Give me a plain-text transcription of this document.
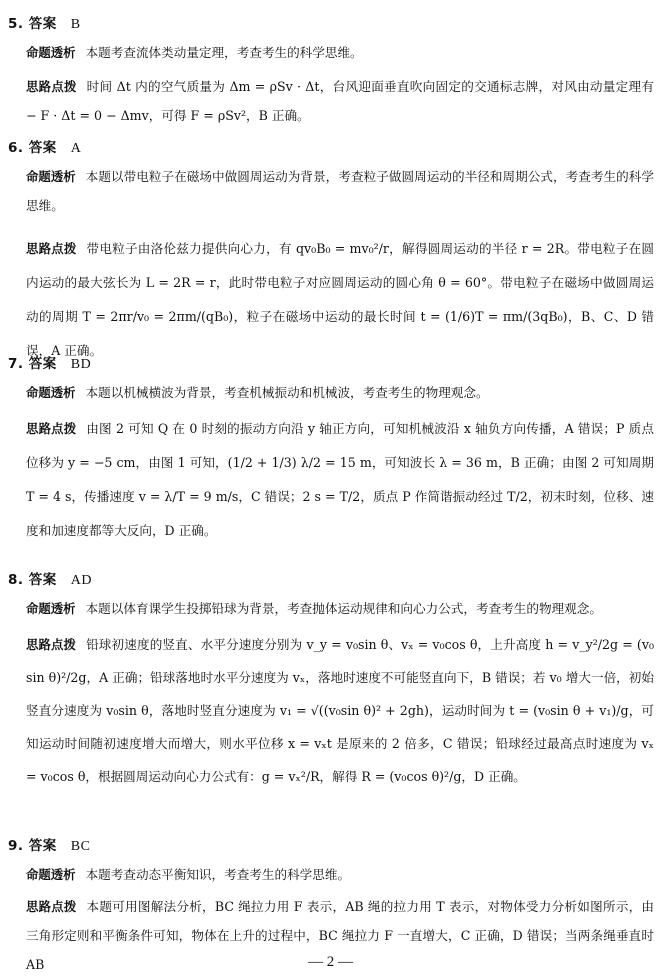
5. 答案 B
命题透析 本题考查流体类动量定理，考查考生的科学思维。
思路点拨 时间 Δt 内的空气质量为 Δm = ρSv · Δt，台风迎面垂直吹向固定的交通标志牌，对风由动量定理有 − F · Δt = 0 − Δmv，可得 F = ρSv²，B 正确。
6. 答案 A
命题透析 本题以带电粒子在磁场中做圆周运动为背景，考查粒子做圆周运动的半径和周期公式，考查考生的科学思维。
思路点拨 带电粒子由洛伦兹力提供向心力，有 qv₀B₀ = mv₀²/r，解得圆周运动的半径 r = 2R。带电粒子在圆内运动的最大弦长为 L = 2R = r，此时带电粒子对应圆周运动的圆心角 θ = 60°。带电粒子在磁场中做圆周运动的周期 T = 2πr/v₀ = 2πm/(qB₀)，粒子在磁场中运动的最长时间 t = (1/6)T = πm/(3qB₀)，B、C、D 错误，A 正确。
7. 答案 BD
命题透析 本题以机械横波为背景，考查机械振动和机械波，考查考生的物理观念。
思路点拨 由图 2 可知 Q 在 0 时刻的振动方向沿 y 轴正方向，可知机械波沿 x 轴负方向传播，A 错误；P 质点位移为 y = −5 cm，由图 1 可知，(1/2 + 1/3) λ/2 = 15 m，可知波长 λ = 36 m，B 正确；由图 2 可知周期 T = 4 s，传播速度 v = λ/T = 9 m/s，C 错误；2 s = T/2，质点 P 作简谐振动经过 T/2，初末时刻，位移、速度和加速度都等大反向，D 正确。
8. 答案 AD
命题透析 本题以体育课学生投掷铅球为背景，考查抛体运动规律和向心力公式，考查考生的物理观念。
思路点拨 铅球初速度的竖直、水平分速度分别为 v_y = v₀sin θ、vₓ = v₀cos θ，上升高度 h = v_y²/2g = (v₀sin θ)²/2g，A 正确；铅球落地时水平分速度为 vₓ，落地时速度不可能竖直向下，B 错误；若 v₀ 增大一倍，初始竖直分速度为 v₀sin θ，落地时竖直分速度为 v₁ = √((v₀sin θ)² + 2gh)，运动时间为 t = (v₀sin θ + v₁)/g，可知运动时间随初速度增大而增大，则水平位移 x = vₓt 是原来的 2 倍多，C 错误；铅球经过最高点时速度为 vₓ = v₀cos θ，根据圆周运动向心力公式有：g = vₓ²/R，解得 R = (v₀cos θ)²/g，D 正确。
9. 答案 BC
命题透析 本题考查动态平衡知识，考查考生的科学思维。
思路点拨 本题可用图解法分析，BC 绳拉力用 F 表示，AB 绳的拉力用 T 表示，对物体受力分析如图所示，由三角形定则和平衡条件可知，物体在上升的过程中，BC 绳拉力 F 一直增大，C 正确，D 错误；当两条绳垂直时 AB	— 2 —
